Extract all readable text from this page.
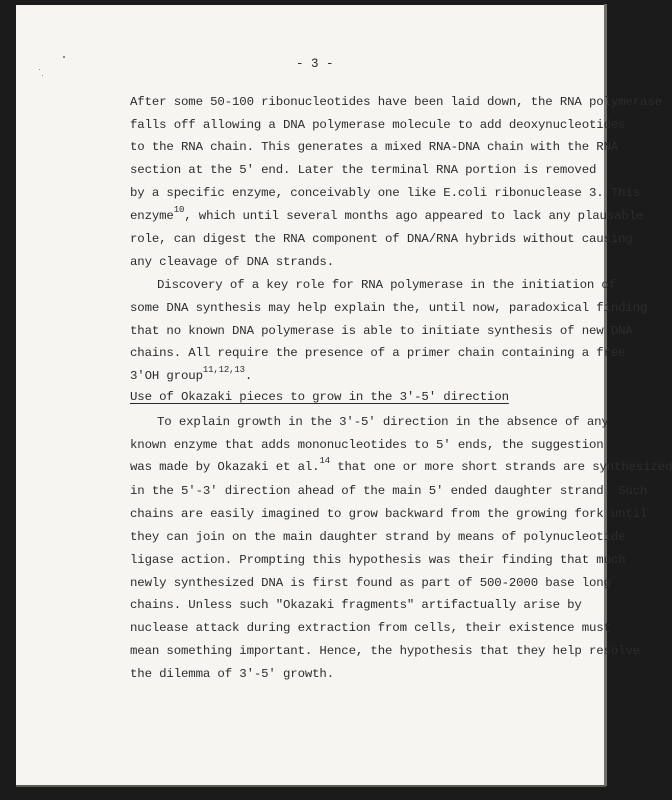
- 3 -
After some 50-100 ribonucleotides have been laid down, the RNA polymerase
falls off allowing a DNA polymerase molecule to add deoxynucleotides
to the RNA chain. This generates a mixed RNA-DNA chain with the RNA
section at the 5' end. Later the terminal RNA portion is removed
by a specific enzyme, conceivably one like E.coli ribonuclease 3. This
enzyme$^{10}$, which until several months ago appeared to lack any plausable
role, can digest the RNA component of DNA/RNA hybrids without causing
any cleavage of DNA strands.
Discovery of a key role for RNA polymerase in the initiation of
some DNA synthesis may help explain the, until now, paradoxical finding
that no known DNA polymerase is able to initiate synthesis of new DNA
chains. All require the presence of a primer chain containing a free
3'OH group$^{11,12,13}$.
Use of Okazaki pieces to grow in the 3'-5' direction
To explain growth in the 3'-5' direction in the absence of any
known enzyme that adds mononucleotides to 5' ends, the suggestion
was made by Okazaki et al.$^{14}$ that one or more short strands are synthesized
in the 5'-3' direction ahead of the main 5' ended daughter strand. Such
chains are easily imagined to grow backward from the growing fork until
they can join on the main daughter strand by means of polynucleotide
ligase action. Prompting this hypothesis was their finding that much
newly synthesized DNA is first found as part of 500-2000 base long
chains. Unless such "Okazaki fragments" artifactually arise by
nuclease attack during extraction from cells, their existence must
mean something important. Hence, the hypothesis that they help resolve
the dilemma of 3'-5' growth.
